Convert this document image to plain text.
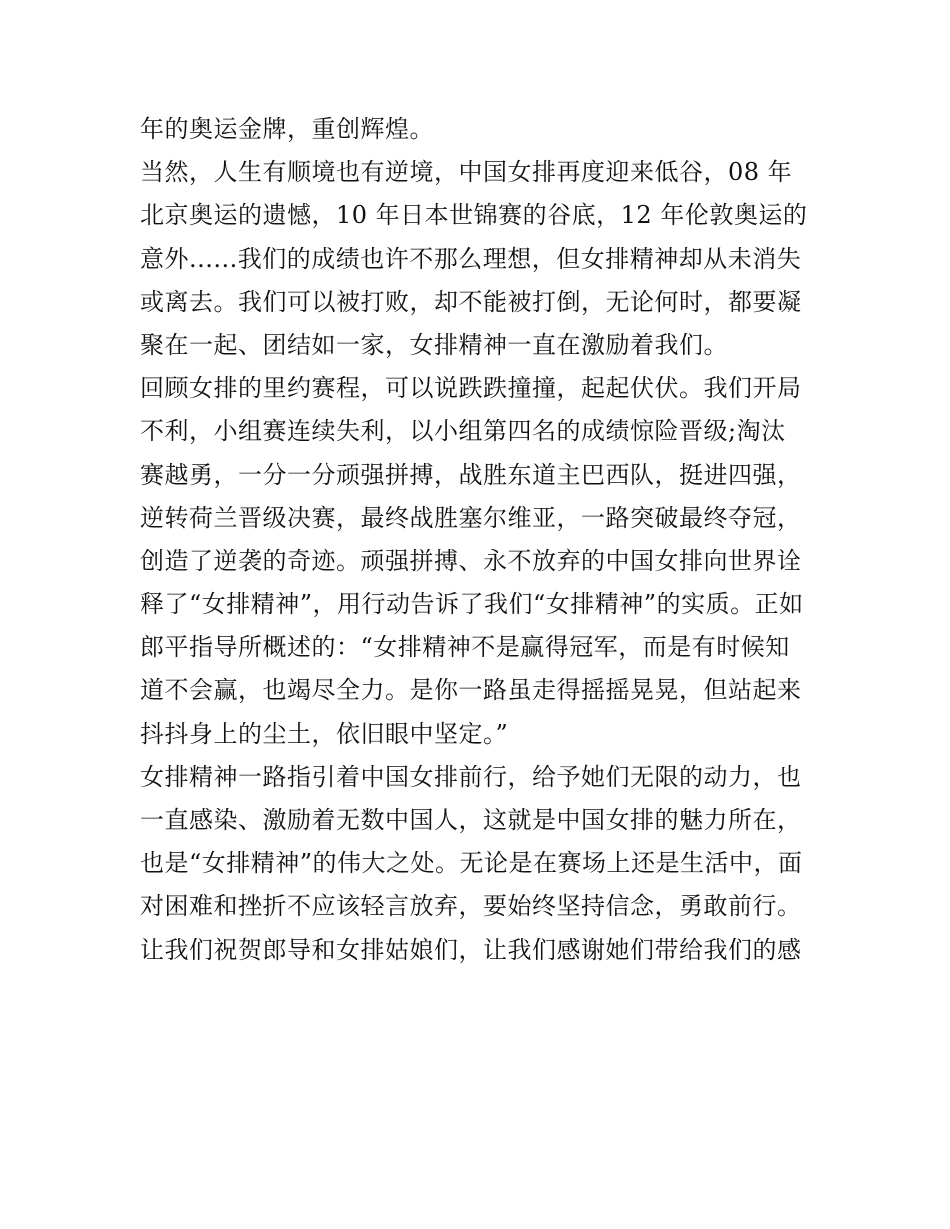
年的奥运金牌，重创辉煌。
当然，人生有顺境也有逆境，中国女排再度迎来低谷，08 年
北京奥运的遗憾，10 年日本世锦赛的谷底，12 年伦敦奥运的
意外......我们的成绩也许不那么理想，但女排精神却从未消失
或离去。我们可以被打败，却不能被打倒，无论何时，都要凝
聚在一起、团结如一家，女排精神一直在激励着我们。
回顾女排的里约赛程，可以说跌跌撞撞，起起伏伏。我们开局
不利，小组赛连续失利，以小组第四名的成绩惊险晋级;淘汰
赛越勇，一分一分顽强拼搏，战胜东道主巴西队，挺进四强，
逆转荷兰晋级决赛，最终战胜塞尔维亚，一路突破最终夺冠，
创造了逆袭的奇迹。顽强拼搏、永不放弃的中国女排向世界诠
释了“女排精神”，用行动告诉了我们“女排精神”的实质。正如
郎平指导所概述的：“女排精神不是赢得冠军，而是有时候知
道不会赢，也竭尽全力。是你一路虽走得摇摇晃晃，但站起来
抖抖身上的尘土，依旧眼中坚定。”
女排精神一路指引着中国女排前行，给予她们无限的动力，也
一直感染、激励着无数中国人，这就是中国女排的魅力所在，
也是“女排精神”的伟大之处。无论是在赛场上还是生活中，面
对困难和挫折不应该轻言放弃，要始终坚持信念，勇敢前行。
让我们祝贺郎导和女排姑娘们，让我们感谢她们带给我们的感
